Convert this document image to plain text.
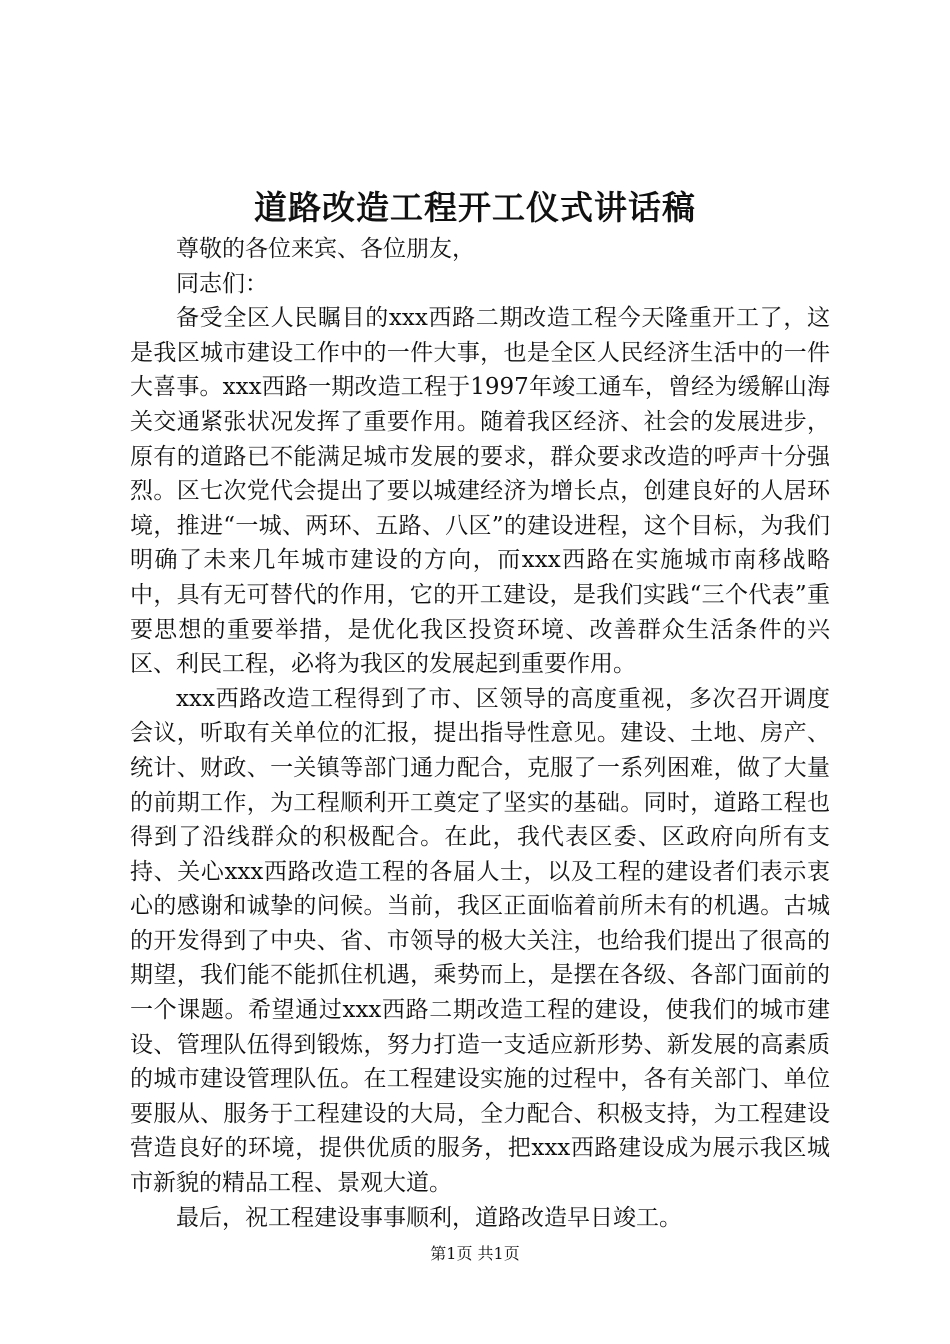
道路改造工程开工仪式讲话稿

尊敬的各位来宾、各位朋友，

同志们：

备受全区人民瞩目的xxx西路二期改造工程今天隆重开工了，这是我区城市建设工作中的一件大事，也是全区人民经济生活中的一件大喜事。xxx西路一期改造工程于1997年竣工通车，曾经为缓解山海关交通紧张状况发挥了重要作用。随着我区经济、社会的发展进步，原有的道路已不能满足城市发展的要求，群众要求改造的呼声十分强烈。区七次党代会提出了要以城建经济为增长点，创建良好的人居环境，推进“一城、两环、五路、八区”的建设进程，这个目标，为我们明确了未来几年城市建设的方向，而xxx西路在实施城市南移战略中，具有无可替代的作用，它的开工建设，是我们实践“三个代表”重要思想的重要举措，是优化我区投资环境、改善群众生活条件的兴区、利民工程，必将为我区的发展起到重要作用。

xxx西路改造工程得到了市、区领导的高度重视，多次召开调度会议，听取有关单位的汇报，提出指导性意见。建设、土地、房产、统计、财政、一关镇等部门通力配合，克服了一系列困难，做了大量的前期工作，为工程顺利开工奠定了坚实的基础。同时，道路工程也得到了沿线群众的积极配合。在此，我代表区委、区政府向所有支持、关心xxx西路改造工程的各届人士，以及工程的建设者们表示衷心的感谢和诚挚的问候。当前，我区正面临着前所未有的机遇。古城的开发得到了中央、省、市领导的极大关注，也给我们提出了很高的期望，我们能不能抓住机遇，乘势而上，是摆在各级、各部门面前的一个课题。希望通过xxx西路二期改造工程的建设，使我们的城市建设、管理队伍得到锻炼，努力打造一支适应新形势、新发展的高素质的城市建设管理队伍。在工程建设实施的过程中，各有关部门、单位要服从、服务于工程建设的大局，全力配合、积极支持，为工程建设营造良好的环境，提供优质的服务，把xxx西路建设成为展示我区城市新貌的精品工程、景观大道。

最后，祝工程建设事事顺利，道路改造早日竣工。

第1页 共1页
